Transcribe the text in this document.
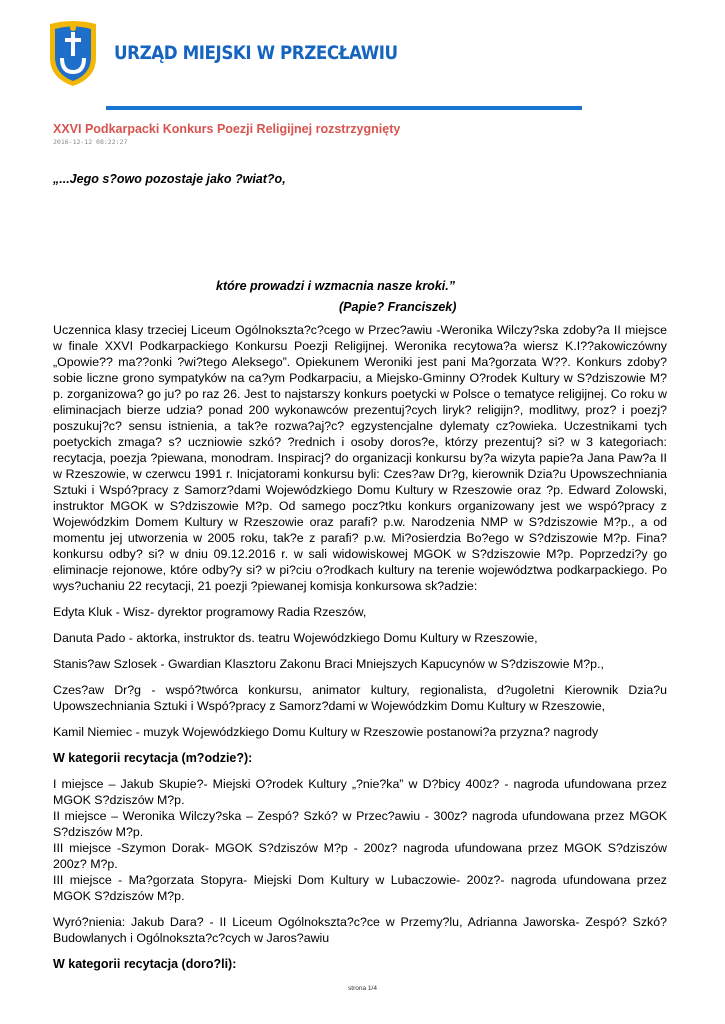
URZĄD MIEJSKI W PRZECŁAWIU
XXVI Podkarpacki Konkurs Poezji Religijnej rozstrzygnięty
2016-12-12 08:22:27
„...Jego s?owo pozostaje jako ?wiat?o,
które prowadzi i wzmacnia nasze kroki.”
(Papie? Franciszek)

Uczennica klasy trzeciej Liceum Ogólnoksztа?c?cego w Przec?awiu -Weronika Wilczy?ska zdoby?a II miejsce w finale XXVI Podkarpackiego Konkursu Poezji Religijnej. Weronika recytowa?a wiersz K.I??akowiczówny „Opowie?? ma??onki ?wi?tego Aleksego”. Opiekunem Weroniki jest pani Ma?gorzata W??. Konkurs zdoby? sobie liczne grono sympatyków na ca?ym Podkarpaciu, a Miejsko-Gminny O?rodek Kultury w S?dziszowie M?p. zorganizowa? go ju? po raz 26. Jest to najstarszy konkurs poetycki w Polsce o tematyce religijnej. Co roku w eliminacjach bierze udzia? ponad 200 wykonawców prezentuj?cych liryk? religijn?, modlitwy, proz? i poezj? poszukuj?c? sensu istnienia, a tak?e rozwa?aj?c? egzystencjalne dylematy cz?owieka. Uczestnikami tych poetyckich zmaga? s? uczniowie szkó? ?rednich i osoby doros?e, którzy prezentuj? si? w 3 kategoriach: recytacja, poezja ?piewana, monodram. Inspiracj? do organizacji konkursu by?a wizyta papie?a Jana Paw?a II w Rzeszowie, w czerwcu 1991 r. Inicjatorami konkursu byli: Czes?aw Dr?g, kierownik Dzia?u Upowszechniania Sztuki i Wspó?pracy z Samorz?dami Wojewódzkiego Domu Kultury w Rzeszowie oraz ?p. Edward Zolowski, instruktor MGOK w S?dziszowie M?p. Od samego pocz?tku konkurs organizowany jest we wspó?pracy z Wojewódzkim Domem Kultury w Rzeszowie oraz parafi? p.w. Narodzenia NMP w S?dziszowie M?p., a od momentu jej utworzenia w 2005 roku, tak?e z parafi? p.w. Mi?osierdzia Bo?ego w S?dziszowie M?p. Fina? konkursu odby? si? w dniu 09.12.2016 r. w sali widowiskowej MGOK w S?dziszowie M?p. Poprzedzi?y go eliminacje rejonowe, które odby?y si? w pi?ciu o?rodkach kultury na terenie województwa podkarpackiego. Po wys?uchaniu 22 recytacji, 21 poezji ?piewanej komisja konkursowa sk?adzie:

Edyta Kluk - Wisz- dyrektor programowy Radia Rzeszów,

Danuta Pado - aktorka, instruktor ds. teatru Wojewódzkiego Domu Kultury w Rzeszowie,

Stanis?aw Szlosek - Gwardian Klasztoru Zakonu Braci Mniejszych Kapucynów w S?dziszowie M?p.,

Czes?aw Dr?g - wspó?twórca konkursu, animator kultury, regionalista, d?ugoletni Kierownik Dzia?u Upowszechniania Sztuki i Wspó?pracy z Samorz?dami w Wojewódzkim Domu Kultury w Rzeszowie,

Kamil Niemiec - muzyk Wojewódzkiego Domu Kultury w Rzeszowie postanowi?a przyzna? nagrody

W kategorii recytacja (m?odzie?):

I miejsce – Jakub Skupie?- Miejski O?rodek Kultury „?nie?ka” w D?bicy 400z? - nagroda ufundowana przez MGOK S?dziszów M?p.

II miejsce – Weronika Wilczy?ska – Zespó? Szkó? w Przec?awiu - 300z? nagroda ufundowana przez MGOK S?dziszów M?p.

III miejsce -Szymon Dorak- MGOK S?dziszów M?p - 200z? nagroda ufundowana przez MGOK S?dziszów 200z? M?p.

III miejsce - Ma?gorzata Stopyra- Miejski Dom Kultury w Lubaczowie- 200z?- nagroda ufundowana przez MGOK S?dziszów M?p.

Wyró?nienia: Jakub Dara? - II Liceum Ogólnoksztа?c?ce w Przemy?lu, Adrianna Jaworska- Zespó? Szkó? Budowlanych i Ogólnoksztа?c?cych w Jaros?awiu

W kategorii recytacja (doro?li):
strona 1/4
